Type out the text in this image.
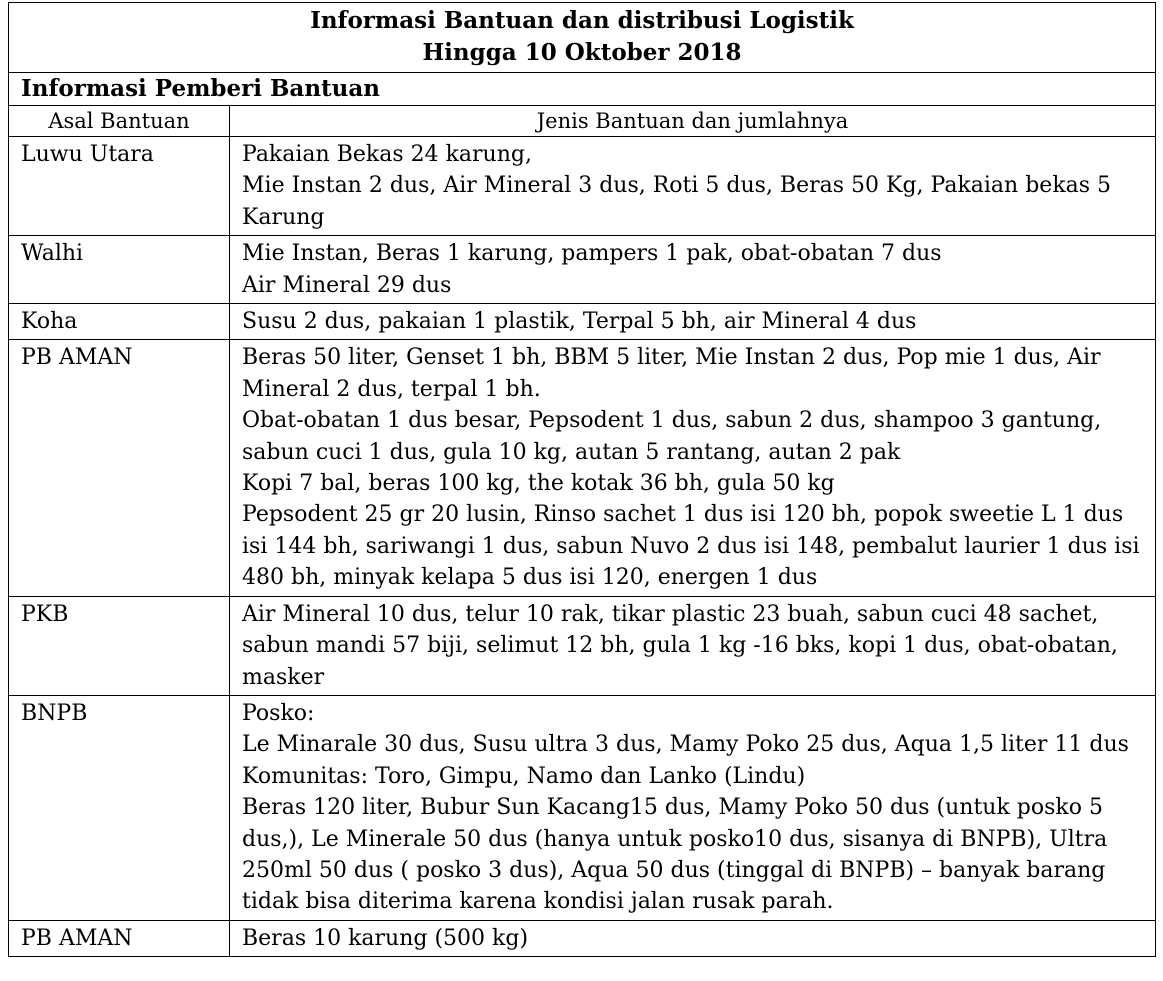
Informasi Bantuan dan distribusi Logistik
Hingga 10 Oktober 2018	

Informasi Pemberi Bantuan	
Asal Bantuan	Jenis Bantuan dan jumlahnya
Luwu Utara	Pakaian Bekas 24 karung,

Mie Instan 2 dus, Air Mineral 3 dus, Roti 5 dus, Beras 50 Kg, Pakaian bekas 5 Karung

Walhi	Mie Instan, Beras 1 karung, pampers 1 pak, obat-obatan 7 dus

Air Mineral 29 dus

Koha	Susu 2 dus, pakaian 1 plastik, Terpal 5 bh, air Mineral 4 dus

PB AMAN	Beras 50 liter, Genset 1 bh, BBM 5 liter, Mie Instan 2 dus, Pop mie 1 dus, Air Mineral 2 dus, terpal 1 bh.

Obat-obatan 1 dus besar, Pepsodent 1 dus, sabun 2 dus, shampoo 3 gantung, sabun cuci 1 dus, gula 10 kg, autan 5 rantang, autan 2 pak

Kopi 7 bal, beras 100 kg, the kotak 36 bh, gula 50 kg

Pepsodent 25 gr 20 lusin, Rinso sachet 1 dus isi 120 bh, popok sweetie L 1 dus isi 144 bh, sariwangi 1 dus, sabun Nuvo 2 dus isi 148, pembalut laurier 1 dus isi 480 bh, minyak kelapa 5 dus isi 120, energen 1 dus

PKB	Air Mineral 10 dus, telur 10 rak, tikar plastic 23 buah, sabun cuci 48 sachet, sabun mandi 57 biji, selimut 12 bh, gula 1 kg -16 bks, kopi 1 dus, obat-obatan, masker

BNPB	Posko:

Le Minarale 30 dus, Susu ultra 3 dus, Mamy Poko 25 dus, Aqua 1,5 liter 11 dus

Komunitas: Toro, Gimpu, Namo dan Lanko (Lindu)

Beras 120 liter, Bubur Sun Kacang15 dus, Mamy Poko 50 dus (untuk posko 5 dus,), Le Minerale 50 dus (hanya untuk posko10 dus, sisanya di BNPB), Ultra 250ml 50 dus ( posko 3 dus), Aqua 50 dus (tinggal di BNPB) – banyak barang tidak bisa diterima karena kondisi jalan rusak parah.

PB AMAN	Beras 10 karung (500 kg)
